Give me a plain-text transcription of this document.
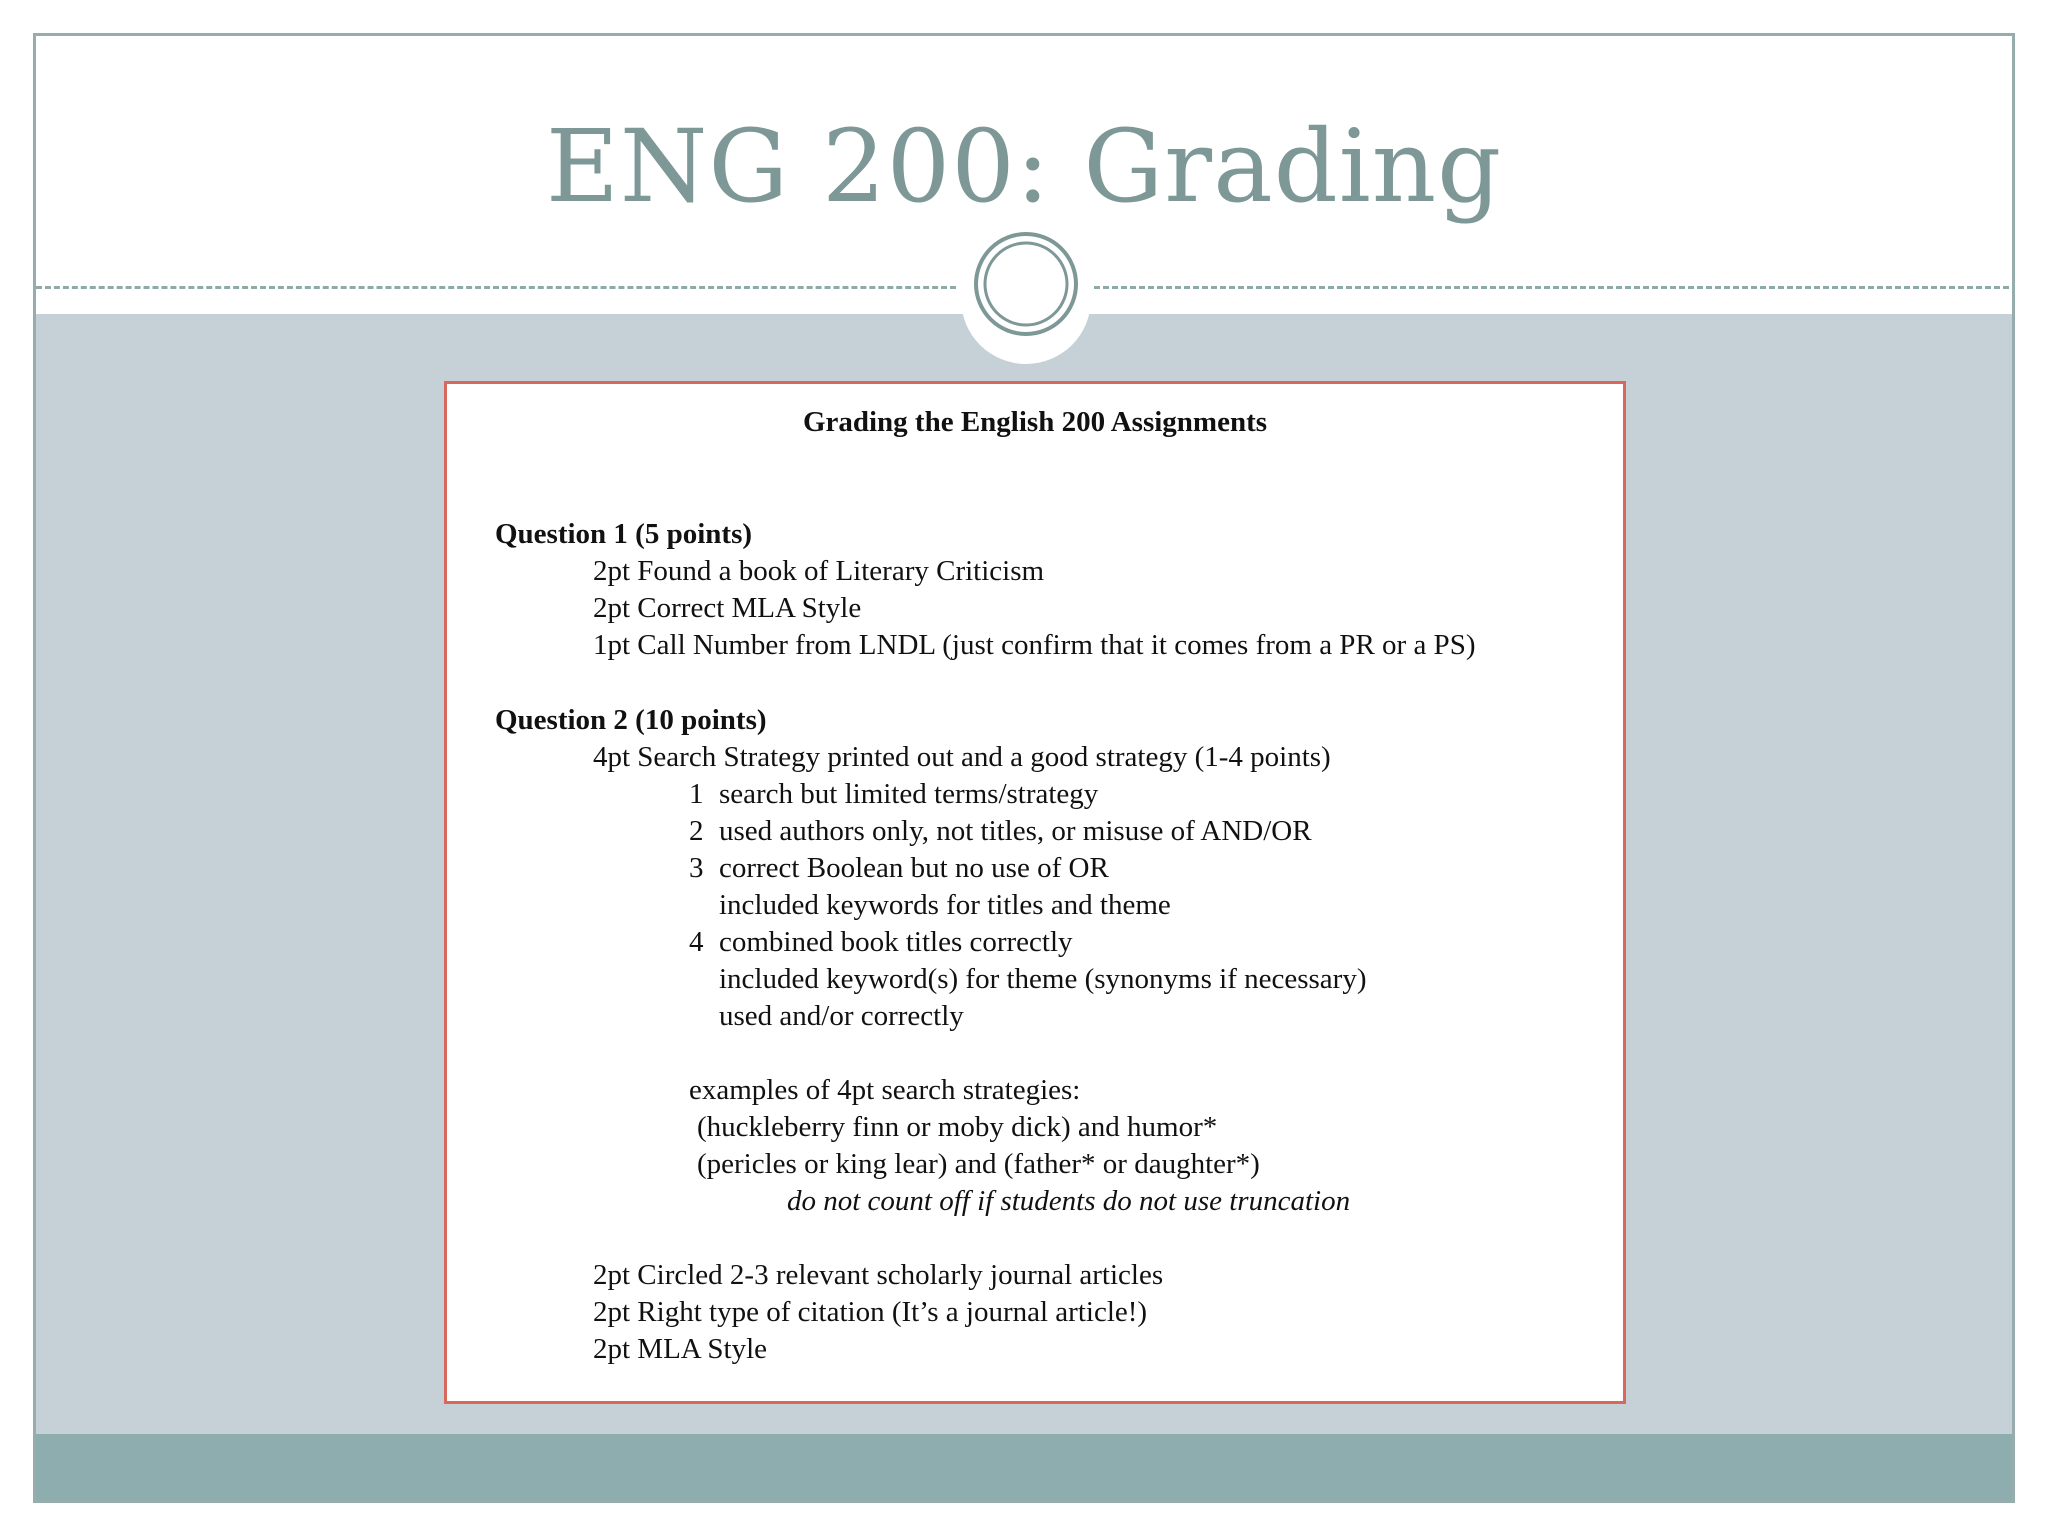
ENG 200: Grading
Grading the English 200 Assignments
Question 1 (5 points)
2pt Found a book of Literary Criticism
2pt Correct MLA Style
1pt Call Number from LNDL (just confirm that it comes from a PR or a PS)
Question 2 (10 points)
4pt Search Strategy printed out and a good strategy (1-4 points)
1 search but limited terms/strategy
2 used authors only, not titles, or misuse of AND/OR
3 correct Boolean but no use of OR
included keywords for titles and theme
4 combined book titles correctly
included keyword(s) for theme (synonyms if necessary)
used and/or correctly
examples of 4pt search strategies:
(huckleberry finn or moby dick) and humor*
(pericles or king lear) and (father* or daughter*)
do not count off if students do not use truncation
2pt Circled 2-3 relevant scholarly journal articles
2pt Right type of citation (It’s a journal article!)
2pt MLA Style
